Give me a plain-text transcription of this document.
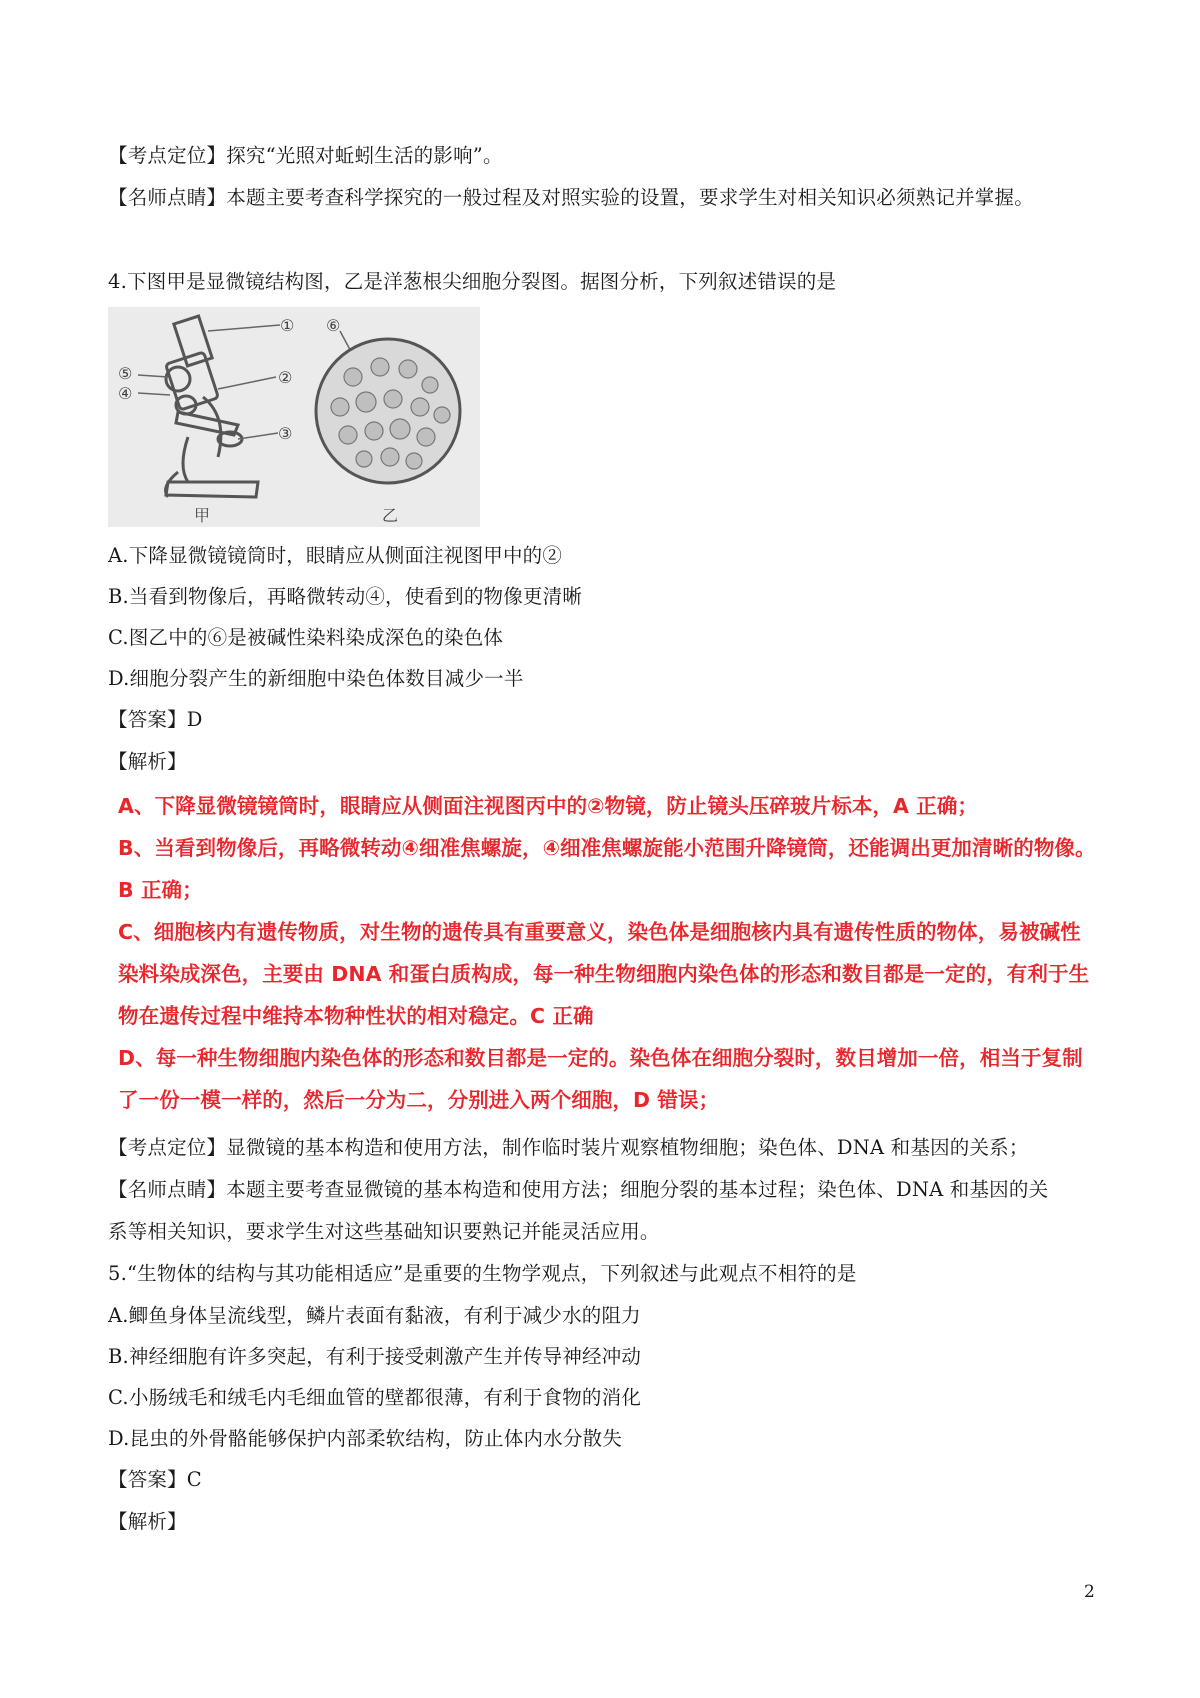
【考点定位】探究“光照对蚯蚓生活的影响”。
【名师点睛】本题主要考查科学探究的一般过程及对照实验的设置，要求学生对相关知识必须熟记并掌握。
4.下图甲是显微镜结构图，乙是洋葱根尖细胞分裂图。据图分析，下列叙述错误的是
①
②
③
④
⑤
⑥
甲	乙
A.下降显微镜镜筒时，眼睛应从侧面注视图甲中的②
B.当看到物像后，再略微转动④，使看到的物像更清晰
C.图乙中的⑥是被碱性染料染成深色的染色体
D.细胞分裂产生的新细胞中染色体数目减少一半
【答案】D
【解析】
A、下降显微镜镜筒时，眼睛应从侧面注视图丙中的②物镜，防止镜头压碎玻片标本，A 正确；
B、当看到物像后，再略微转动④细准焦螺旋，④细准焦螺旋能小范围升降镜筒，还能调出更加清晰的物像。
B 正确；
C、细胞核内有遗传物质，对生物的遗传具有重要意义，染色体是细胞核内具有遗传性质的物体，易被碱性
染料染成深色，主要由 DNA 和蛋白质构成，每一种生物细胞内染色体的形态和数目都是一定的，有利于生
物在遗传过程中维持本物种性状的相对稳定。C 正确
D、每一种生物细胞内染色体的形态和数目都是一定的。染色体在细胞分裂时，数目增加一倍，相当于复制
了一份一模一样的，然后一分为二，分别进入两个细胞，D 错误；
【考点定位】显微镜的基本构造和使用方法，制作临时装片观察植物细胞；染色体、DNA 和基因的关系；
【名师点睛】本题主要考查显微镜的基本构造和使用方法；细胞分裂的基本过程；染色体、DNA 和基因的关
系等相关知识，要求学生对这些基础知识要熟记并能灵活应用。
5.“生物体的结构与其功能相适应”是重要的生物学观点，下列叙述与此观点不相符的是
A.鲫鱼身体呈流线型，鳞片表面有黏液，有利于减少水的阻力
B.神经细胞有许多突起，有利于接受刺激产生并传导神经冲动
C.小肠绒毛和绒毛内毛细血管的壁都很薄，有利于食物的消化
D.昆虫的外骨骼能够保护内部柔软结构，防止体内水分散失
【答案】C
【解析】
2
